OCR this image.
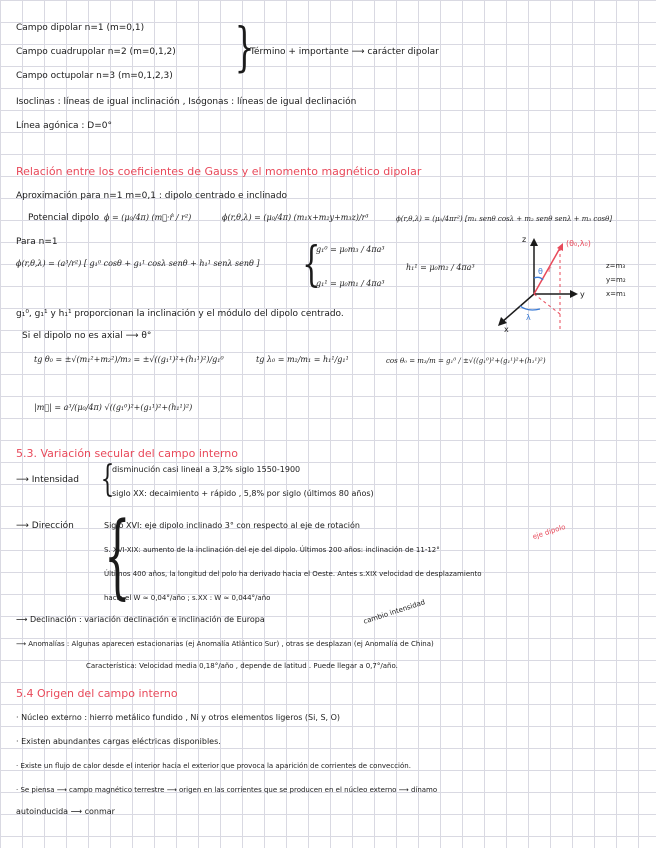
Campo dipolar n=1 (m=0,1)
Campo cuadrupolar n=2 (m=0,1,2)
Campo octupolar n=3 (m=0,1,2,3) }
Término + importante ⟶ carácter dipolar
Isoclinas : líneas de igual inclinación , Isógonas : líneas de igual declinación
Línea agónica : D=0°
Relación entre los coeficientes de Gauss y el momento magnético dipolar
Aproximación para n=1 m=0,1 : dipolo centrado e inclinado
Potencial dipolo ϕ = (μ₀/4π) (m⃗·r̂ / r²)	ϕ(r,θ,λ) = (μ₀/4π) (m₁x+m₂y+m₃z)/r³	ϕ(r,θ,λ) = (μ₀/4πr²) [m₁ senθ cosλ + m₂ senθ senλ + m₃ cosθ]
Para n=1
ϕ(r,θ,λ) = (a³/r²) [ g₁⁰ cosθ + g₁¹ cosλ senθ + h₁¹ senλ senθ ] {
g₁⁰ = μ₀m₃ / 4πa³
g₁¹ = μ₀m₁ / 4πa³
h₁¹ = μ₀m₂ / 4πa³
(θ₀,λ₀)
θ r
λ
z
y
x
z=m₃
y=m₂
x=m₁
g₁⁰, g₁¹ y h₁¹ proporcionan la inclinación y el módulo del dipolo centrado.
Si el dipolo no es axial ⟶ θ°
tg θ₀ = ±√(m₁²+m₂²)/m₃ = ±√((g₁¹)²+(h₁¹)²)/g₁⁰	tg λ₀ = m₂/m₁ = h₁¹/g₁¹	cos θ₀ = m₃/m = g₁⁰ / ±√((g₁⁰)²+(g₁¹)²+(h₁¹)²)
|m⃗| = a³/(μ₀/4π) √((g₁⁰)²+(g₁¹)²+(h₁¹)²)
5.3. Variación secular del campo interno
⟶ Intensidad {
disminución casi lineal a 3,2% siglo 1550-1900
siglo XX: decaimiento + rápido , 5,8% por siglo (últimos 80 años)
⟶ Dirección {
Siglo XVI: eje dipolo inclinado 3° con respecto al eje de rotación	eje dipolo
S. XVI-XIX: aumento de la inclinación del eje del dipolo. Últimos 200 años: inclinación de 11-12°
Últimos 400 años, la longitud del polo ha derivado hacia el Oeste. Antes s.XIX velocidad de desplazamiento
hacia el W ≈ 0,04°/año ; s.XX : W ≈ 0,044°/año
⟶ Declinación : variación declinación e inclinación de Europa	cambio intensidad
⟶ Anomalías : Algunas aparecen estacionarias (ej Anomalía Atlántico Sur) , otras se desplazan (ej Anomalía de China)
Característica: Velocidad media 0,18°/año , depende de latitud . Puede llegar a 0,7°/año.
5.4 Origen del campo interno
· Núcleo externo : hierro metálico fundido , Ni y otros elementos ligeros (Si, S, O)
· Existen abundantes cargas eléctricas disponibles.
· Existe un flujo de calor desde el interior hacia el exterior que provoca la aparición de corrientes de convección.
· Se piensa ⟶ campo magnético terrestre ⟶ origen en las corrientes que se producen en el núcleo externo ⟶ dínamo
autoinducida ⟶ conmar
